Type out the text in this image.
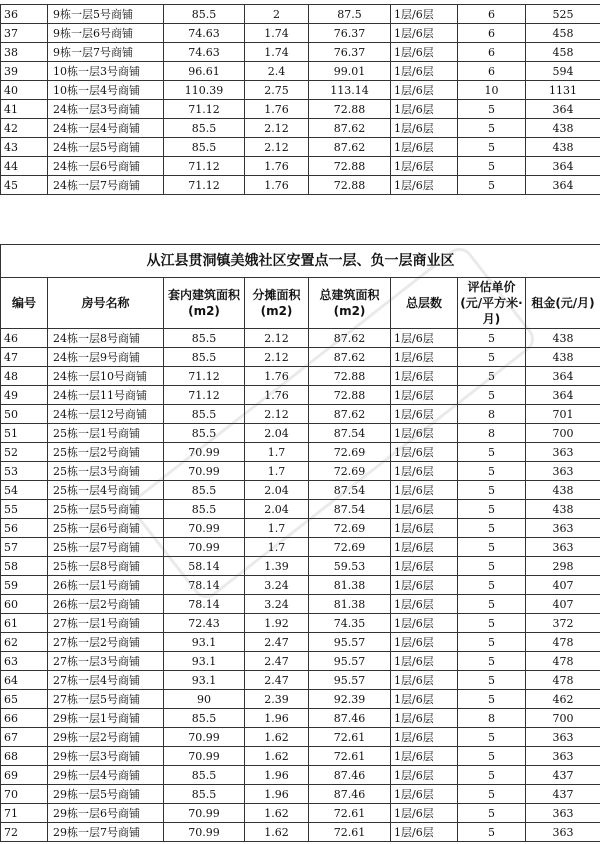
36	9栋一层5号商铺	85.5	2	87.5	1层/6层	6	525
37	9栋一层6号商铺	74.63	1.74	76.37	1层/6层	6	458
38	9栋一层7号商铺	74.63	1.74	76.37	1层/6层	6	458
39	10栋一层3号商铺	96.61	2.4	99.01	1层/6层	6	594
40	10栋一层4号商铺	110.39	2.75	113.14	1层/6层	10	1131
41	24栋一层3号商铺	71.12	1.76	72.88	1层/6层	5	364
42	24栋一层4号商铺	85.5	2.12	87.62	1层/6层	5	438
43	24栋一层5号商铺	85.5	2.12	87.62	1层/6层	5	438
44	24栋一层6号商铺	71.12	1.76	72.88	1层/6层	5	364
45	24栋一层7号商铺	71.12	1.76	72.88	1层/6层	5	364
从江县贯洞镇美娥社区安置点一层、负一层商业区							
编号	房号名称	套内建筑面积(m2)	分摊面积(m2)	总建筑面积(m2)	总层数	评估单价(元/平方米·月)	租金(元/月)
46	24栋一层8号商铺	85.5	2.12	87.62	1层/6层	5	438
47	24栋一层9号商铺	85.5	2.12	87.62	1层/6层	5	438
48	24栋一层10号商铺	71.12	1.76	72.88	1层/6层	5	364
49	24栋一层11号商铺	71.12	1.76	72.88	1层/6层	5	364
50	24栋一层12号商铺	85.5	2.12	87.62	1层/6层	8	701
51	25栋一层1号商铺	85.5	2.04	87.54	1层/6层	8	700
52	25栋一层2号商铺	70.99	1.7	72.69	1层/6层	5	363
53	25栋一层3号商铺	70.99	1.7	72.69	1层/6层	5	363
54	25栋一层4号商铺	85.5	2.04	87.54	1层/6层	5	438
55	25栋一层5号商铺	85.5	2.04	87.54	1层/6层	5	438
56	25栋一层6号商铺	70.99	1.7	72.69	1层/6层	5	363
57	25栋一层7号商铺	70.99	1.7	72.69	1层/6层	5	363
58	25栋一层8号商铺	58.14	1.39	59.53	1层/6层	5	298
59	26栋一层1号商铺	78.14	3.24	81.38	1层/6层	5	407
60	26栋一层2号商铺	78.14	3.24	81.38	1层/6层	5	407
61	27栋一层1号商铺	72.43	1.92	74.35	1层/6层	5	372
62	27栋一层2号商铺	93.1	2.47	95.57	1层/6层	5	478
63	27栋一层3号商铺	93.1	2.47	95.57	1层/6层	5	478
64	27栋一层4号商铺	93.1	2.47	95.57	1层/6层	5	478
65	27栋一层5号商铺	90	2.39	92.39	1层/6层	5	462
66	29栋一层1号商铺	85.5	1.96	87.46	1层/6层	8	700
67	29栋一层2号商铺	70.99	1.62	72.61	1层/6层	5	363
68	29栋一层3号商铺	70.99	1.62	72.61	1层/6层	5	363
69	29栋一层4号商铺	85.5	1.96	87.46	1层/6层	5	437
70	29栋一层5号商铺	85.5	1.96	87.46	1层/6层	5	437
71	29栋一层6号商铺	70.99	1.62	72.61	1层/6层	5	363
72	29栋一层7号商铺	70.99	1.62	72.61	1层/6层	5	363
